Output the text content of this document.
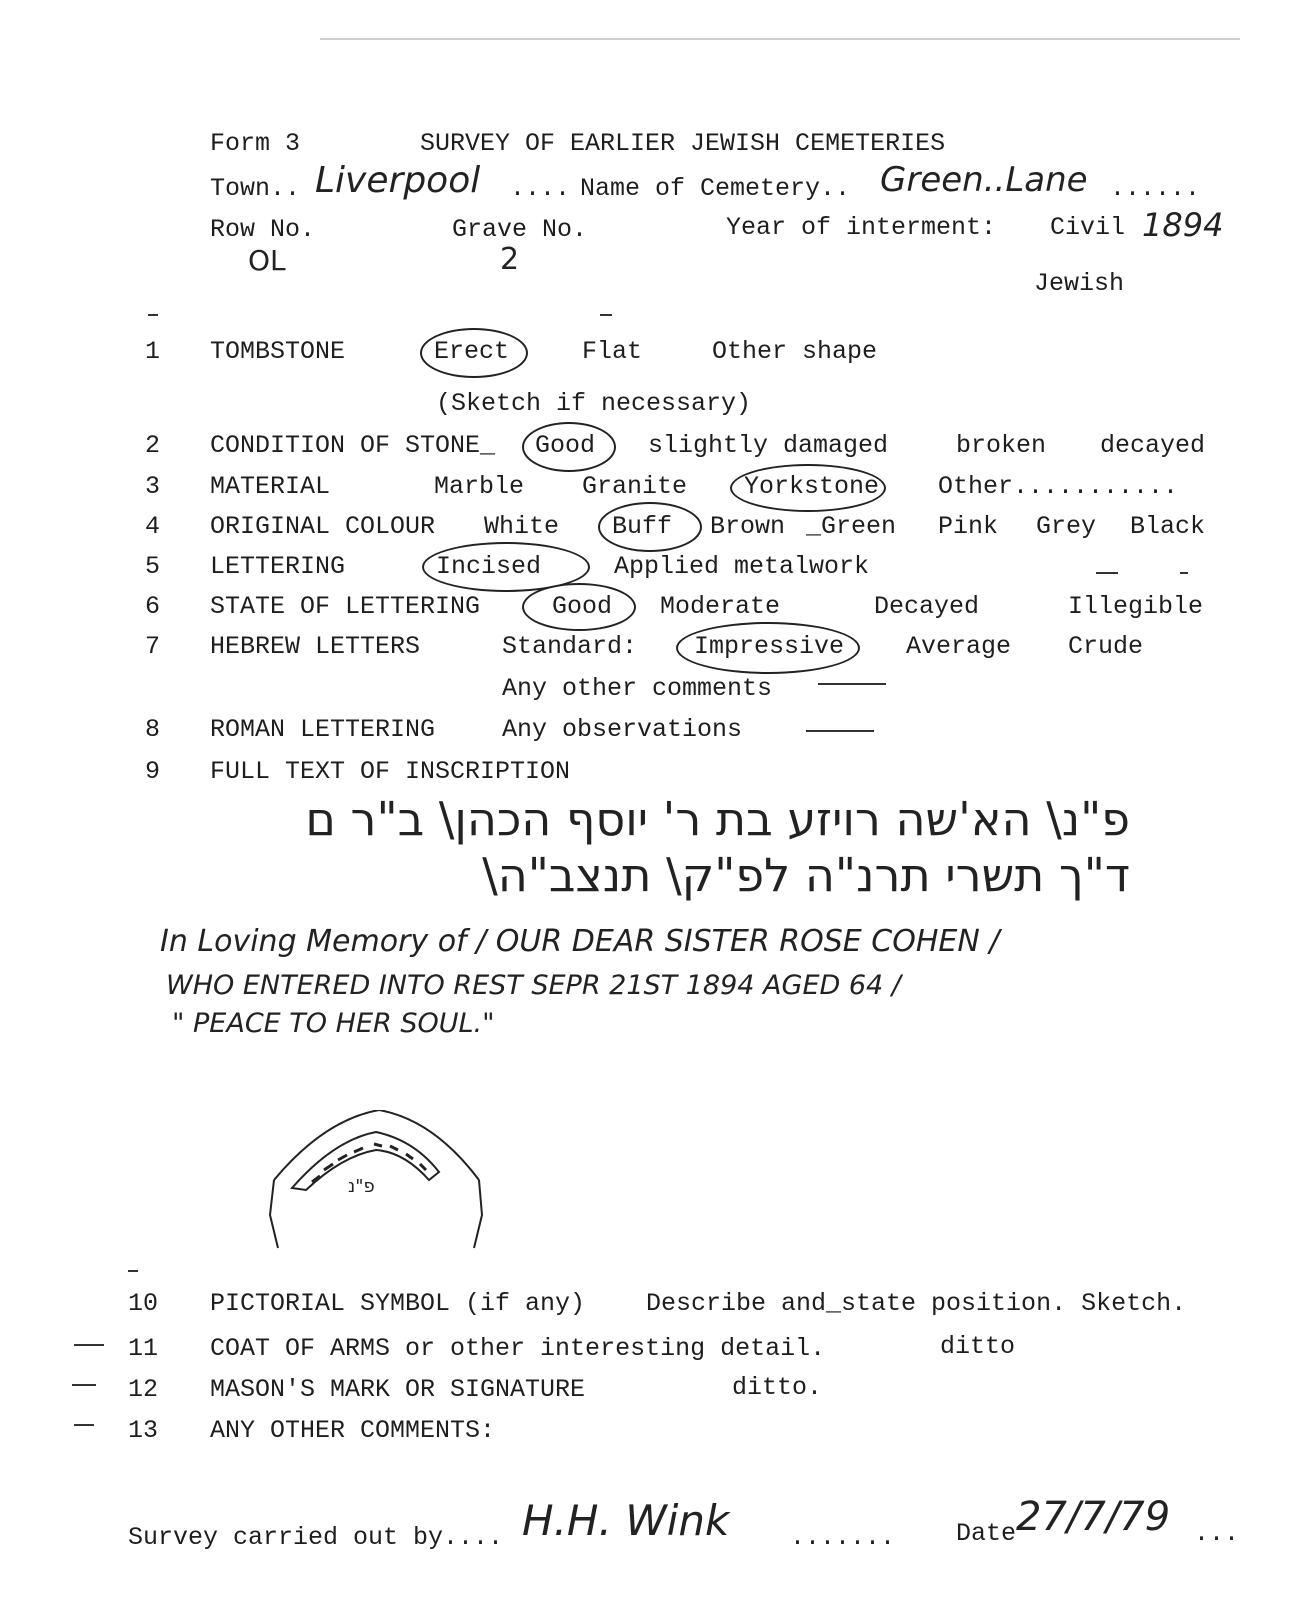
Form 3	SURVEY OF EARLIER JEWISH CEMETERIES
Town.. Liverpool .... Name of Cemetery.. Green..Lane ......
Row No.
OL
Grave No.
2
Year of interment: Civil 1894
Jewish
1 TOMBSTONE	Erect	Flat	Other shape
(Sketch if necessary)
2 CONDITION OF STONE_ Good slightly damaged	broken decayed
3 MATERIAL	Marble Granite Yorkstone Other...........
4 ORIGINAL COLOUR White Buff Brown _Green Pink Grey Black
5 LETTERING	Incised	Applied metalwork
6 STATE OF LETTERING	Good Moderate	Decayed	Illegible
7 HEBREW LETTERS	Standard: Impressive Average Crude
Any other comments
8 ROMAN LETTERING	Any observations
9 FULL TEXT OF INSCRIPTION
פ"נ\ הא'שה רויזע בת ר' יוסף הכהן\ ב"ר ם
ד"ך תשרי תרנ"ה לפ"ק\ תנצב"ה\
In Loving Memory of / OUR DEAR SISTER ROSE COHEN /
WHO ENTERED INTO REST SEPR 21ST 1894 AGED 64 /
" PEACE TO HER SOUL."
פ"נ
10 PICTORIAL SYMBOL (if any) Describe and_state position. Sketch.
11 COAT OF ARMS or other interesting detail.	ditto
12 MASON'S MARK OR SIGNATURE	ditto.
13 ANY OTHER COMMENTS:
Survey carried out by.... H.H. Wink ....... Date 27/7/79 ...
